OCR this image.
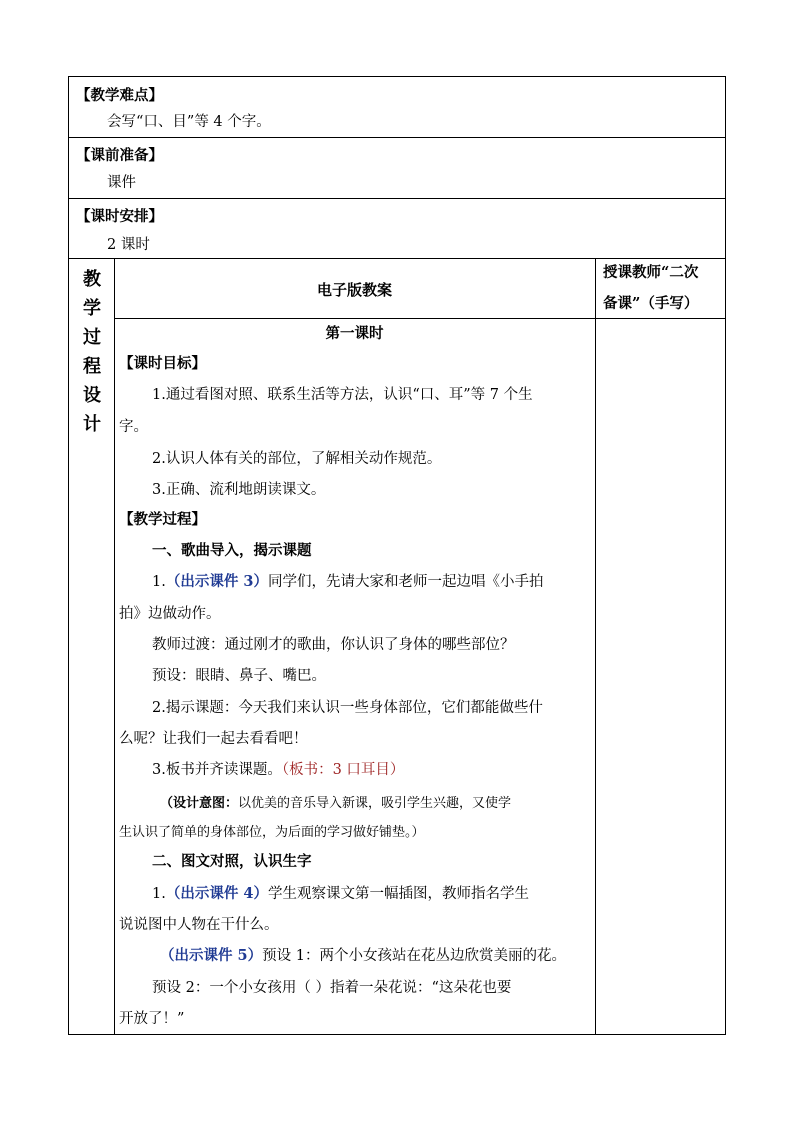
【教学难点】
会写“口、目”等 4 个字。
【课前准备】
课件
【课时安排】
2 课时
教
学
过
程
设
计
电子版教案
授课教师“二次
备课”（手写）
第一课时
【课时目标】
1.通过看图对照、联系生活等方法，认识“口、耳”等 7 个生
字。
2.认识人体有关的部位，了解相关动作规范。
3.正确、流利地朗读课文。
【教学过程】
一、歌曲导入，揭示课题
1.（出示课件 3）同学们，先请大家和老师一起边唱《小手拍
拍》边做动作。
教师过渡：通过刚才的歌曲，你认识了身体的哪些部位？
预设：眼睛、鼻子、嘴巴。
2.揭示课题：今天我们来认识一些身体部位，它们都能做些什
么呢？让我们一起去看看吧！
3.板书并齐读课题。（板书：3 口耳目）
（设计意图：以优美的音乐导入新课，吸引学生兴趣，又使学
生认识了简单的身体部位，为后面的学习做好铺垫。）
二、图文对照，认识生字
1.（出示课件 4）学生观察课文第一幅插图，教师指名学生
说说图中人物在干什么。
（出示课件 5）预设 1：两个小女孩站在花丛边欣赏美丽的花。
预设 2：一个小女孩用（ ）指着一朵花说：“这朵花也要
开放了！”
